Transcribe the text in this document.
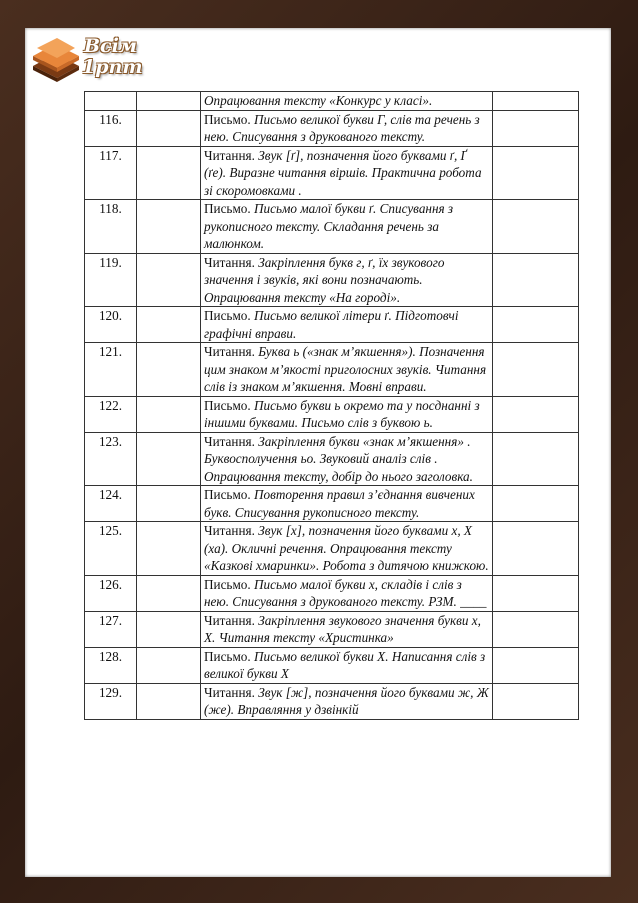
Всім
1рпт
		Опрацювання тексту «Конкурс у класі».	
116.		Письмо. Письмо великої букви Г, слів та речень з нею. Списування з друкованого тексту.	
117.		Читання. Звук [ґ], позначення його буквами ґ, Ґ (ґе). Виразне читання віршів. Практична робота зі скоромовками .	
118.		Письмо. Письмо малої букви ґ. Списування з рукописного тексту. Складання речень за малюнком.	
119.		Читання. Закріплення букв г, ґ, їх звукового значення і звуків, які вони позначають. Опрацювання тексту «На городі».	
120.		Письмо. Письмо великої літери ґ. Підготовчі графічні вправи.	
121.		Читання. Буква ь («знак м’якшення»). Позначення цим знаком м’якості приголосних звуків. Читання слів із знаком м’якшення. Мовні вправи.	
122.		Письмо. Письмо букви ь окремо та у посднанні з іншими буквами. Письмо слів з буквою ь.	
123.		Читання. Закріплення букви «знак м’якшення» . Буквосполучення ьо. Звуковий аналіз слів . Опрацювання тексту, добір до нього заголовка.	
124.		Письмо. Повторення правил з’єднання вивчених букв. Списування рукописного тексту.	
125.		Читання. Звук [х], позначення його буквами х, Х (ха). Окличні речення. Опрацювання тексту «Казкові хмаринки». Робота з дитячою книжкою.	
126.		Письмо. Письмо малої букви х, складів і слів з нею. Списування з друкованого тексту. РЗМ. ____	
127.		Читання. Закріплення звукового значення букви х, Х. Читання тексту «Христинка»	
128.		Письмо. Письмо великої букви Х. Написання слів з великої букви Х	
129.		Читання. Звук [ж], позначення його буквами ж, Ж (же). Вправляння у дзвінкій	
